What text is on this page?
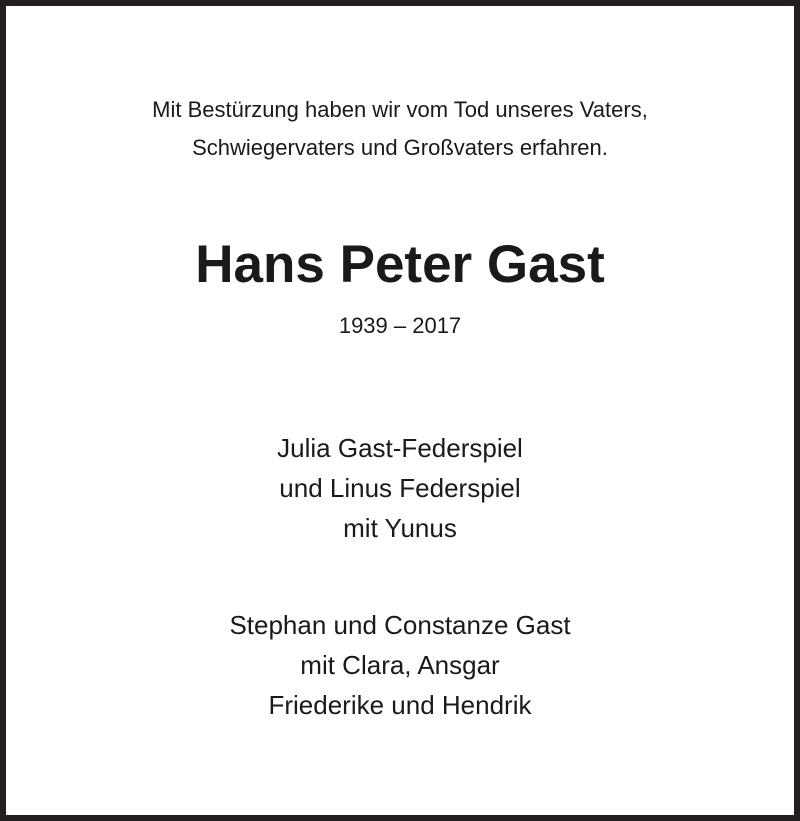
Mit Bestürzung haben wir vom Tod unseres Vaters,
Schwiegervaters und Großvaters erfahren.
Hans Peter Gast
1939 – 2017
Julia Gast-Federspiel
und Linus Federspiel
mit Yunus
Stephan und Constanze Gast
mit Clara, Ansgar
Friederike und Hendrik
